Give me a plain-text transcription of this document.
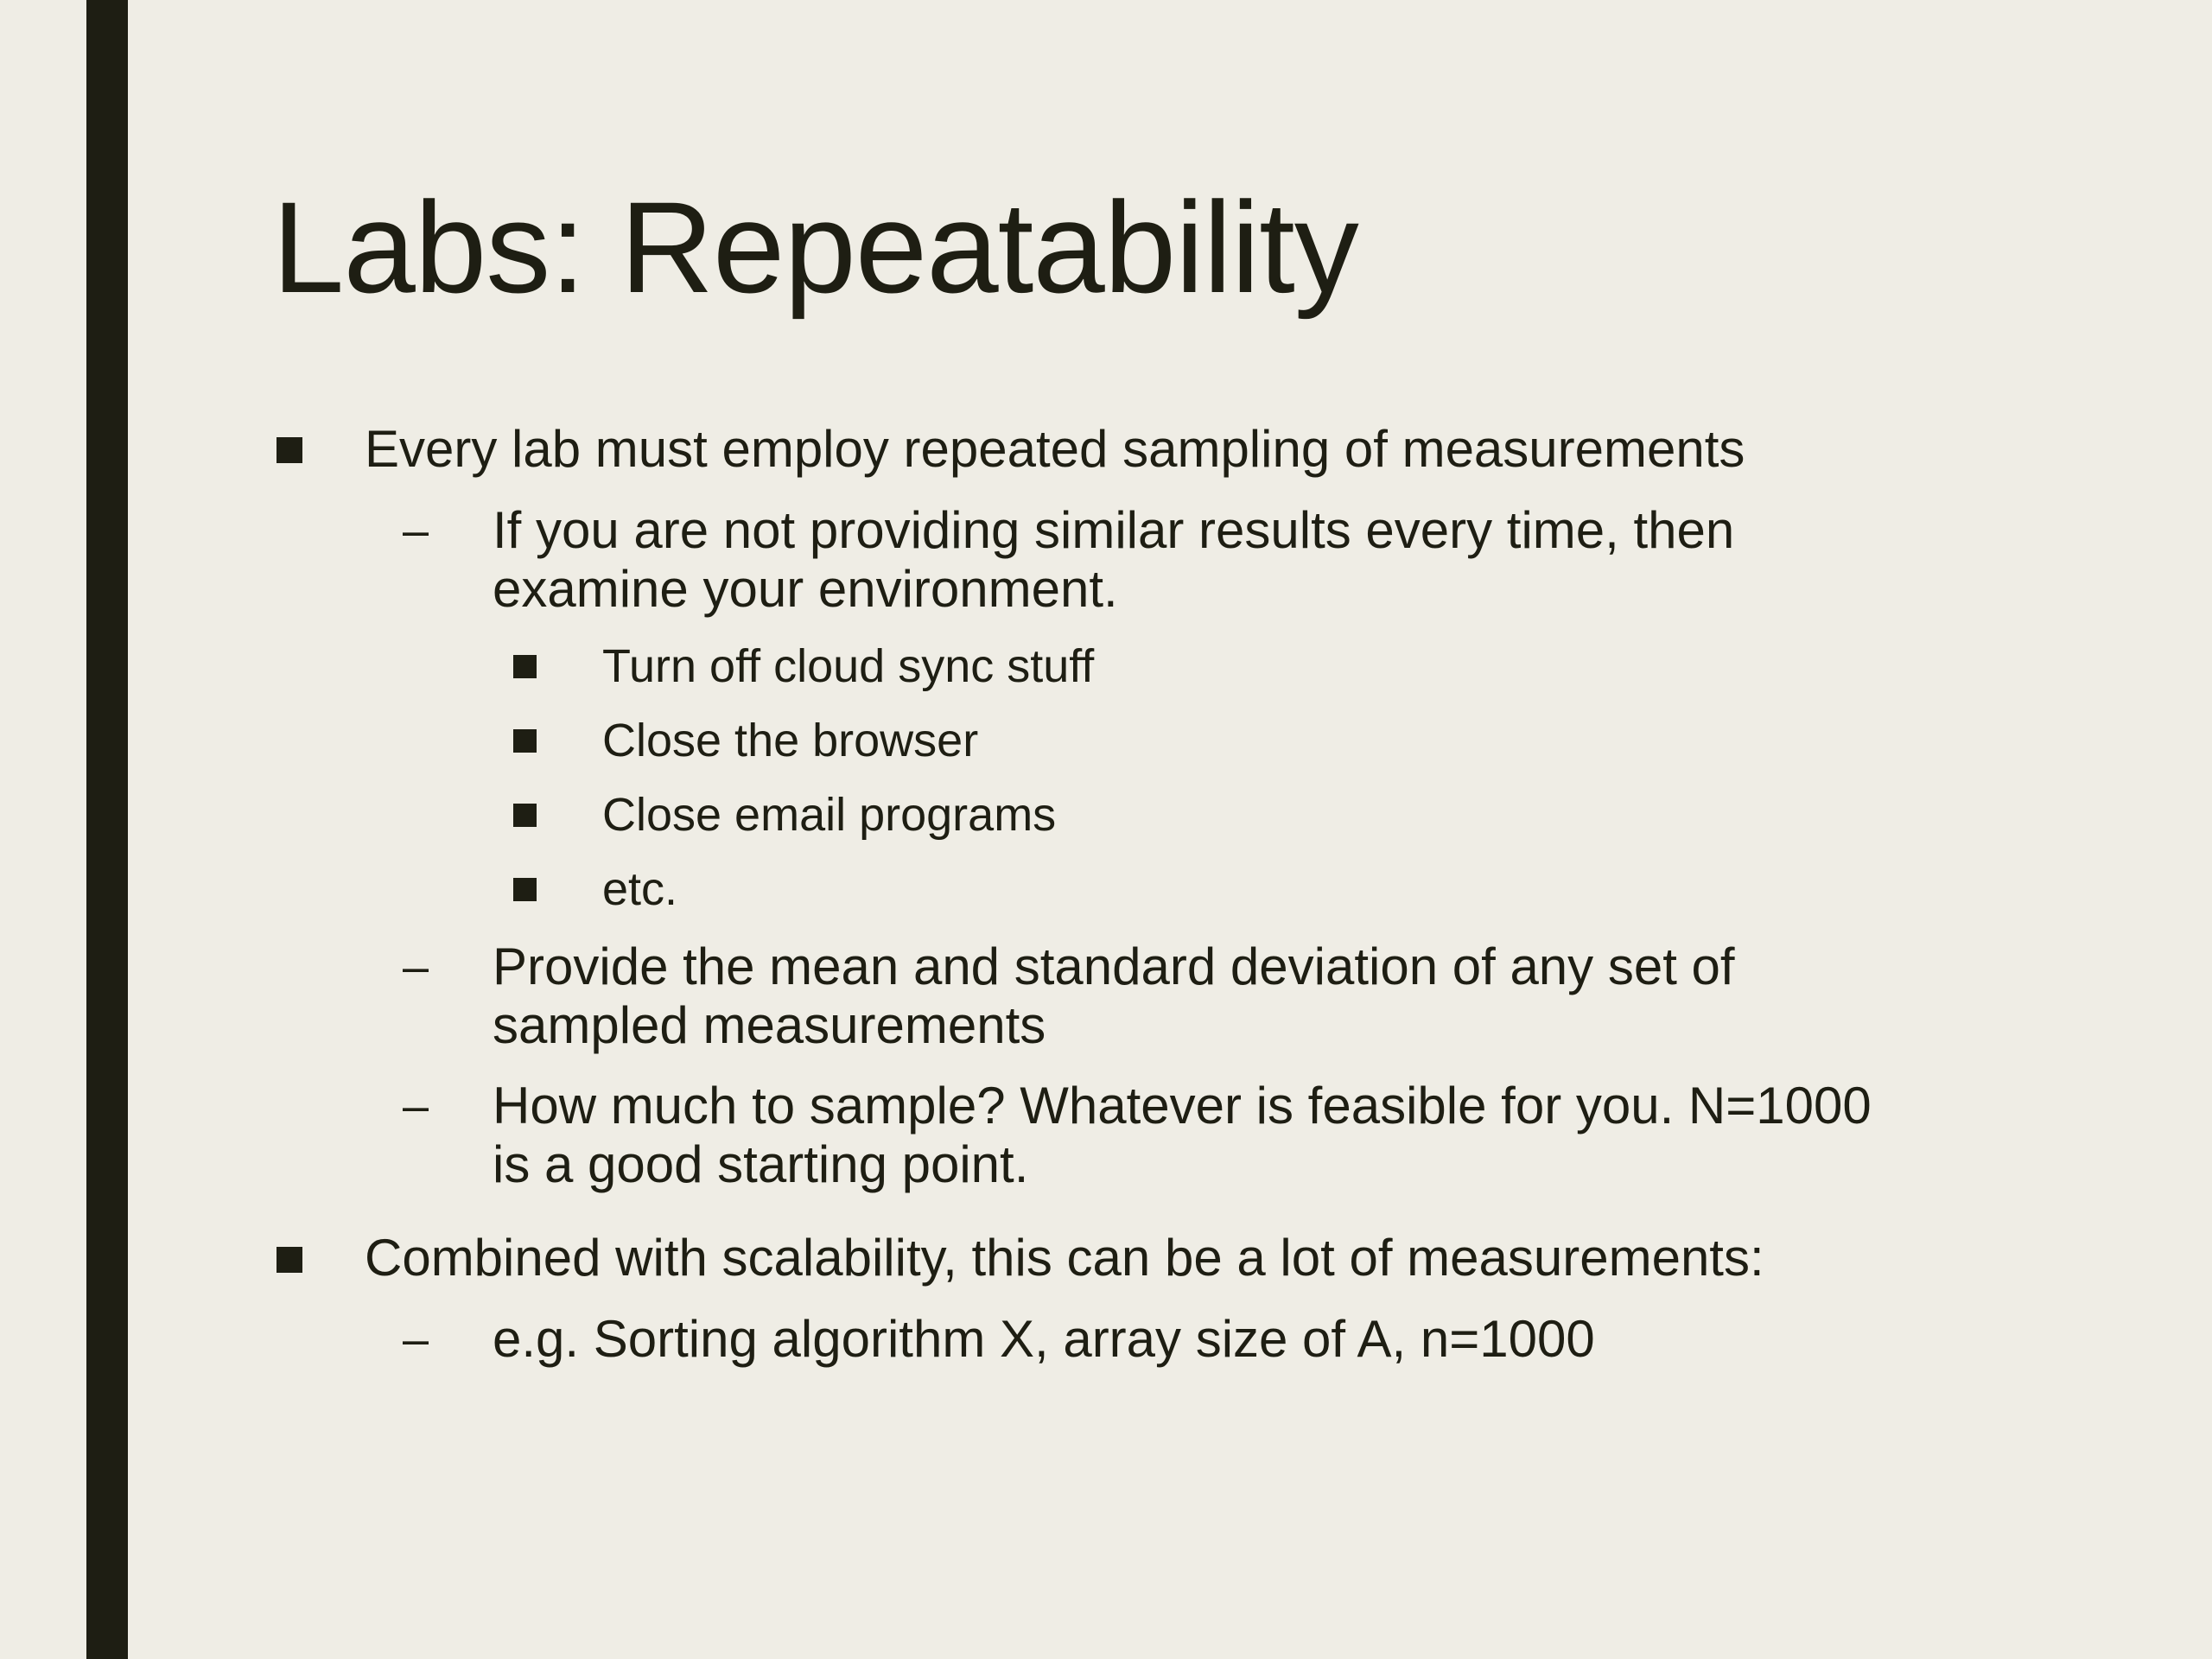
Labs: Repeatability
Every lab must employ repeated sampling of measurements
– If you are not providing similar results every time, then
examine your environment.
Turn off cloud sync stuff
Close the browser
Close email programs
etc.
– Provide the mean and standard deviation of any set of
sampled measurements
– How much to sample? Whatever is feasible for you. N=1000
is a good starting point.
Combined with scalability, this can be a lot of measurements:
– e.g. Sorting algorithm X, array size of A, n=1000
